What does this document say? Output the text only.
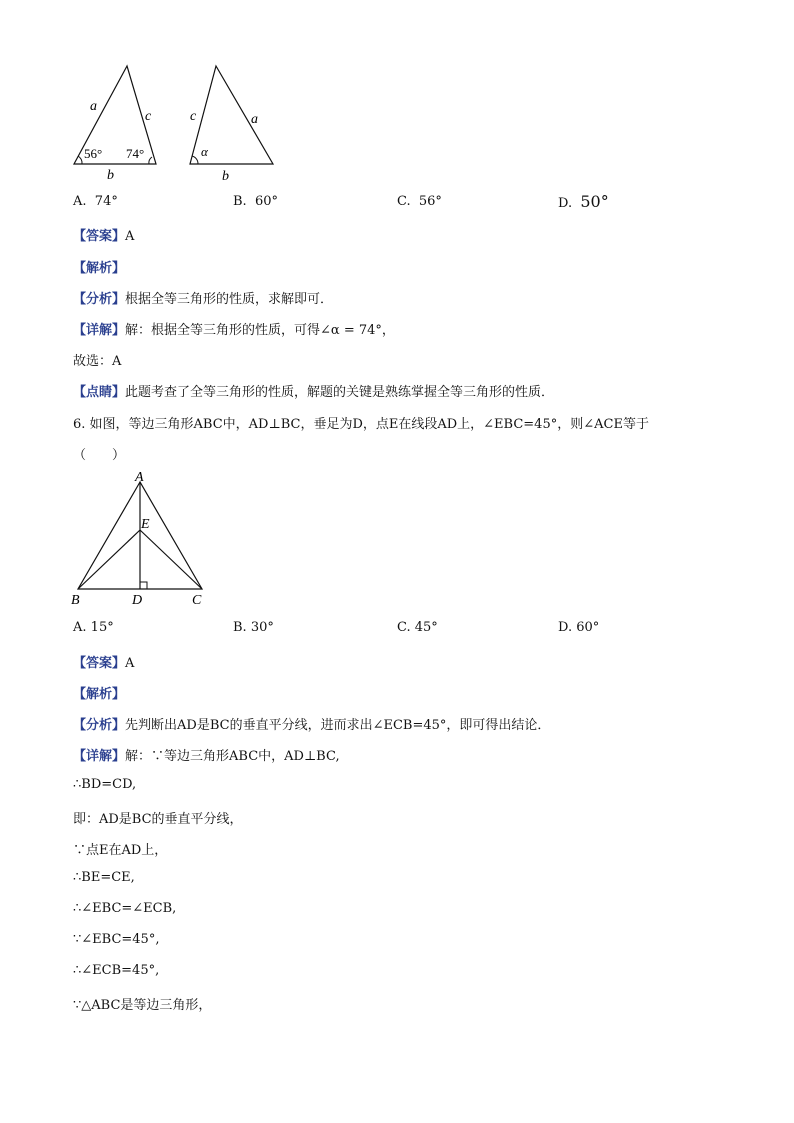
a
c
56° 74°
b
c	a
α
b
A. 74°	B. 60°	C. 56°	D. 50°
【答案】A
【解析】
【分析】根据全等三角形的性质，求解即可．
【详解】解：根据全等三角形的性质，可得∠α = 74°，
故选：A
【点睛】此题考查了全等三角形的性质，解题的关键是熟练掌握全等三角形的性质．
6. 如图，等边三角形ABC中，AD⊥BC，垂足为D，点E在线段AD上，∠EBC=45°，则∠ACE等于
（　　）
A
E
B	D	C
A. 15°	B. 30°	C. 45°	D. 60°
【答案】A
【解析】
【分析】先判断出AD是BC的垂直平分线，进而求出∠ECB=45°，即可得出结论．
【详解】解：∵等边三角形ABC中，AD⊥BC,
∴BD=CD,
即：AD是BC的垂直平分线，
∵点E在AD上，
∴BE=CE,
∴∠EBC=∠ECB,
∵∠EBC=45°,
∴∠ECB=45°,
∵△ABC是等边三角形，
